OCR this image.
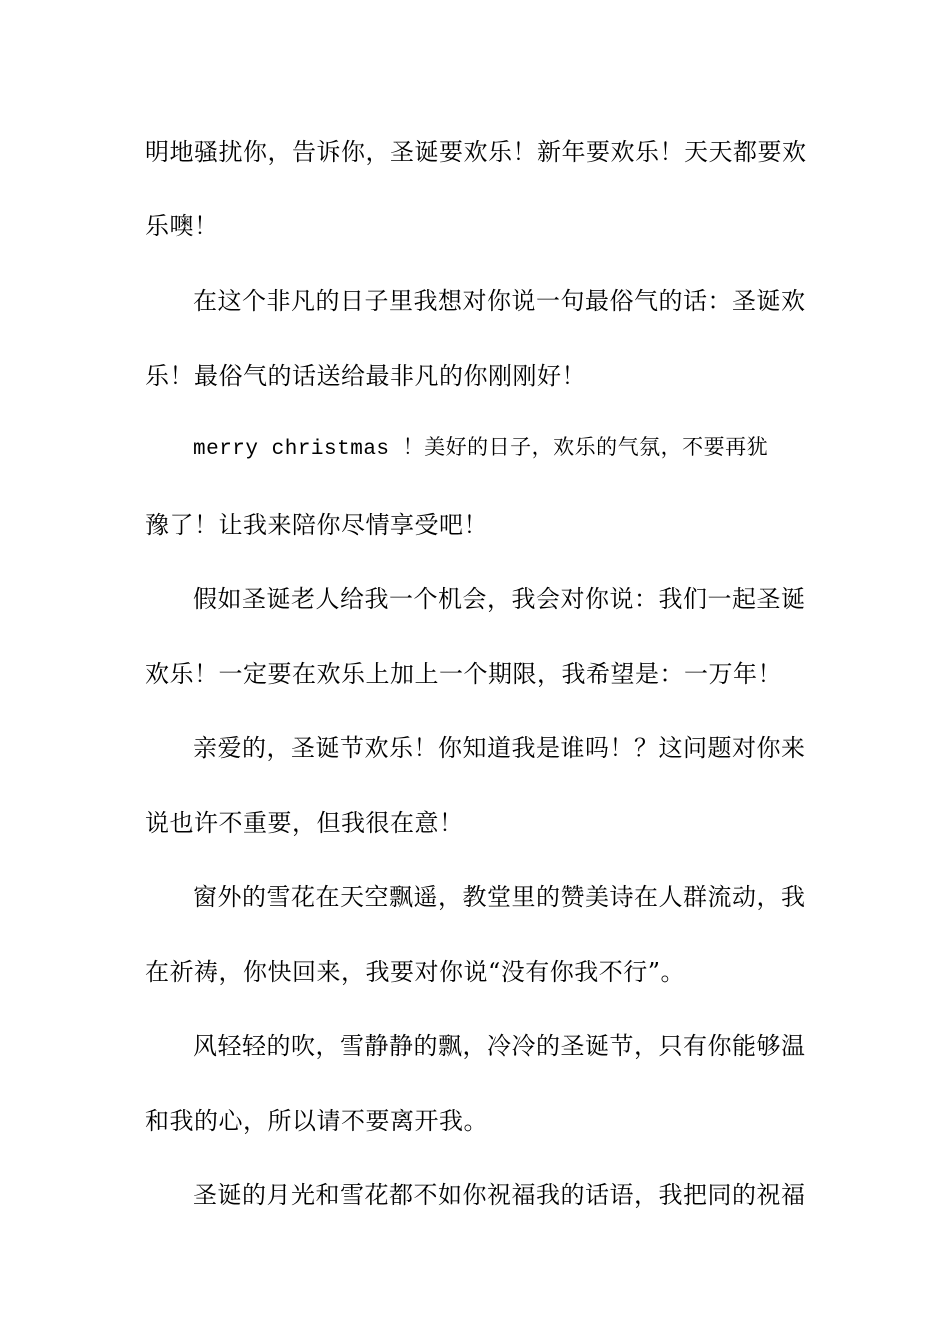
明地骚扰你，告诉你，圣诞要欢乐！新年要欢乐！天天都要欢
乐噢！
在这个非凡的日子里我想对你说一句最俗气的话：圣诞欢
乐！最俗气的话送给最非凡的你刚刚好！
merry christmas ！美好的日子，欢乐的气氛，不要再犹
豫了！让我来陪你尽情享受吧！
假如圣诞老人给我一个机会，我会对你说：我们一起圣诞
欢乐！一定要在欢乐上加上一个期限，我希望是：一万年！
亲爱的，圣诞节欢乐！你知道我是谁吗！？这问题对你来
说也许不重要，但我很在意！
窗外的雪花在天空飘遥，教堂里的赞美诗在人群流动，我
在祈祷，你快回来，我要对你说“没有你我不行”。
风轻轻的吹，雪静静的飘，冷冷的圣诞节，只有你能够温
和我的心，所以请不要离开我。
圣诞的月光和雪花都不如你祝福我的话语，我把同的祝福
